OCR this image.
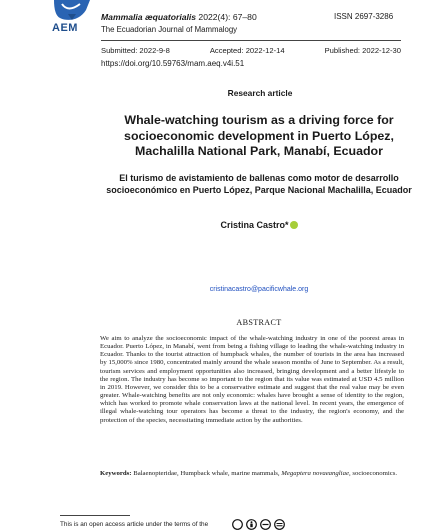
AEM
Mammalia æquatorialis 2022(4): 67–80	ISSN 2697-3286
The Ecuadorian Journal of Mammalogy
Submitted: 2022-9-8	Accepted: 2022-12-14	Published: 2022-12-30
https://doi.org/10.59763/mam.aeq.v4i.51
Research article
Whale-watching tourism as a driving force for socioeconomic development in Puerto López, Machalilla National Park, Manabí, Ecuador
El turismo de avistamiento de ballenas como motor de desarrollo socioeconómico en Puerto López, Parque Nacional Machalilla, Ecuador
Cristina Castro*
cristinacastro@pacificwhale.org
ABSTRACT
We aim to analyze the socioeconomic impact of the whale-watching industry in one of the poorest areas in Ecuador. Puerto López, in Manabí, went from being a fishing village to leading the whale-watching industry in Ecuador. Thanks to the tourist attraction of humpback whales, the number of tourists in the area has increased by 15,000% since 1980, concentrated mainly around the whale season months of June to September. As a result, tourism services and employment opportunities also increased, bringing development and a better lifestyle to the region. The industry has become so important to the region that its value was estimated at USD 4.5 million in 2019. However, we consider this to be a conservative estimate and suggest that the real value may be even greater. Whale-watching benefits are not only economic: whales have brought a sense of identity to the region, which has worked to promote whale conservation laws at the national level. In recent years, the emergence of illegal whale-watching tour operators has become a threat to the industry, the region's economy, and the protection of the species, necessitating immediate action by the authorities.
Keywords: Balaenopteridae, Humpback whale, marine mammals, Megaptera novaeangliae, socioeconomics.
This is an open access article under the terms of the
